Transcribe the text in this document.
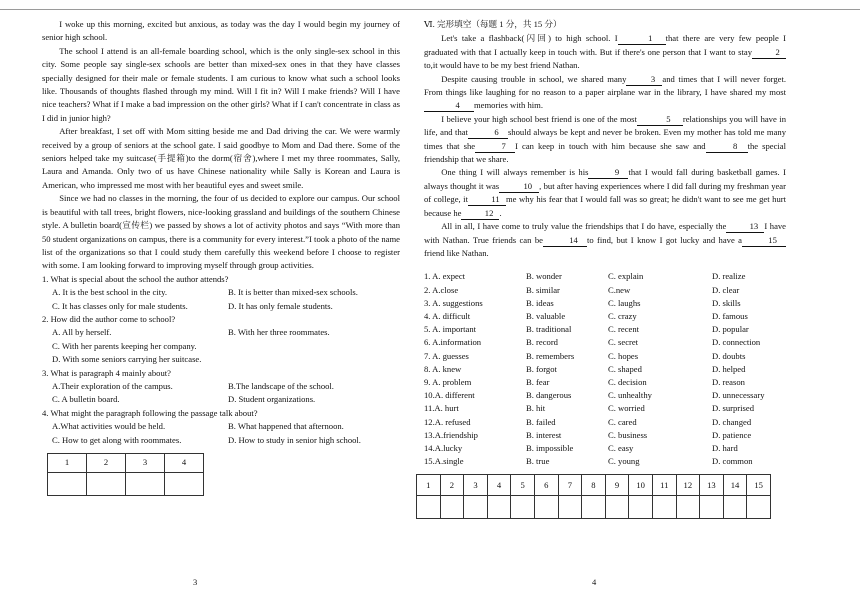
I woke up this morning, excited but anxious, as today was the day I would begin my journey of senior high school.

The school I attend is an all-female boarding school, which is the only single-sex school in this city. Some people say single-sex schools are better than mixed-sex ones in that they have classes specially designed for their male or female students. I am curious to know what such a school looks like. Thousands of thoughts flashed through my mind. Will I fit in? Will I make friends? Will I have nice teachers? What if I make a bad impression on the other girls? What if I can't concentrate in class as I did in junior high?

After breakfast, I set off with Mom sitting beside me and Dad driving the car. We were warmly received by a group of seniors at the school gate. I said goodbye to Mom and Dad there. Some of the seniors helped take my suitcase(手提箱)to the dorm(宿舍),where I met my three roommates, Sally, Laura and Amanda. Only two of us have Chinese nationality while Sally is Korean and Laura is American, who impressed me most with her beautiful eyes and sweet smile.

Since we had no classes in the morning, the four of us decided to explore our campus. Our school is beautiful with tall trees, bright flowers, nice-looking grassland and buildings of the southern Chinese style. A bulletin board(宣传栏) we passed by shows a lot of activity photos and says “With more than 50 student organizations on campus, there is a community for every interest.”I took a photo of the name list of the organizations so that I could study them carefully this weekend before I choose to register with some. I am looking forward to improving myself through group activities.

1. What is special about the school the author attends?

A. It is the best school in the city.	B. It is better than mixed-sex schools.
C. It has classes only for male students.	D. It has only female students.

2. How did the author come to school?

A. All by herself.	B. With her three roommates.
C. With her parents keeping her company.
D. With some seniors carrying her suitcase.

3. What is paragraph 4 mainly about?

A.Their exploration of the campus.	B.The landscape of the school.
C. A bulletin board.	D. Student organizations.

4. What might the paragraph following the passage talk about?

A.What activities would be held.	B. What happened that afternoon.
C. How to get along with roommates.	D. How to study in senior high school.
1	2	3	4

Ⅵ. 完形填空（每题 1 分，共 15 分）

Let's take a flashback(闪回) to high school. I	1 that there are very few people I graduated with that I actually keep in touch with. But if there's one person that I want to stay	2to,it would have to be my best friend Nathan.

Despite causing trouble in school, we shared many	3 and times that I will never forget. From things like laughing for no reason to a paper airplane war in the library, I have shared my most4 memories with him.

I believe your high school best friend is one of the most	5 relationships you will have in life, and that	6 should always be kept and never be broken. Even my mother has told me many times that she	7 I can keep in touch with him because she saw and	8 the special friendship that we share.

One thing I will always remember is his	9 that I would fall during basketball games. I always thought it was	10 , but after having experiences where I did fall during my freshman year of college, it	11 me why his fear that I would fall was so great; he didn't want to see me get hurt because he	12 .

All in all, I have come to truly value the friendships that I do have, especially the	13 I have with Nathan. True friends can be	14 to find, but I know I got lucky and have a	15friend like Nathan.

1. A. expect	B. wonder	C. explain	D. realize
2. A.close	B. similar	C.new	D. clear
3. A. suggestions	B. ideas	C. laughs	D. skills
4. A. difficult	B. valuable	C. crazy	D. famous
5. A. important	B. traditional	C. recent	D. popular
6. A.information	B. record	C. secret	D. connection
7. A. guesses	B. remembers	C. hopes	D. doubts
8. A. knew	B. forgot	C. shaped	D. helped
9. A. problem	B. fear	C. decision	D. reason
10.A. different	B. dangerous	C. unhealthy	D. unnecessary
11.A. hurt	B. hit	C. worried	D. surprised
12.A. refused	B. failed	C. cared	D. changed
13.A.friendship	B. interest	C. business	D. patience
14.A.lucky	B. impossible	C. easy	D. hard
15.A.single	B. true	C. young	D. common
1	2	3	4	5	6	7	8	9	10	11	12	13	14	15

3	4
